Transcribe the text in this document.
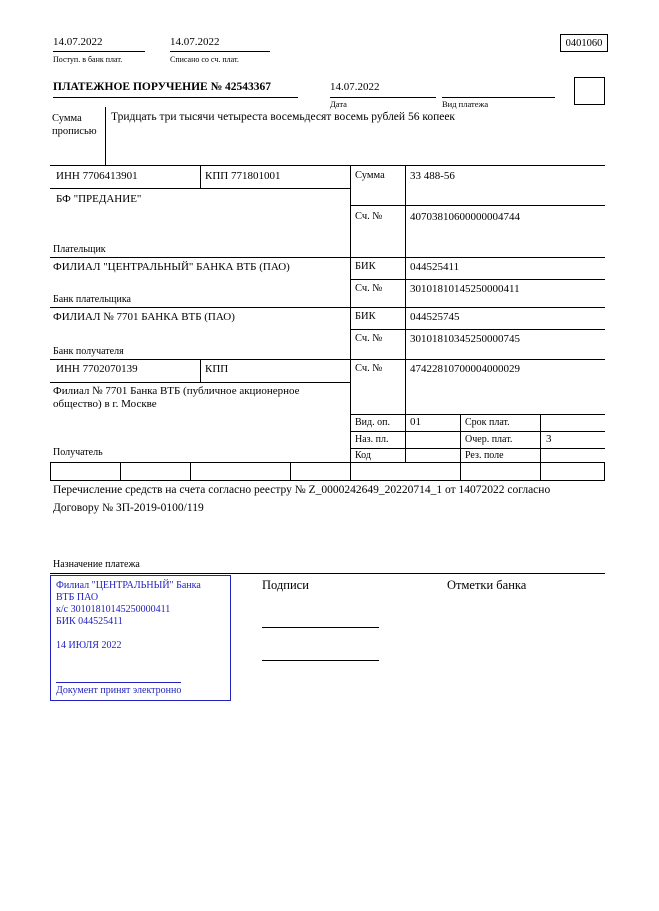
14.07.2022	14.07.2022
Поступ. в банк плат.	Списано со сч. плат.
0401060
ПЛАТЕЖНОЕ ПОРУЧЕНИЕ № 42543367	14.07.2022
Дата	Вид платежа
Сумма
прописью
Тридцать три тысячи четыреста восемьдесят восемь рублей 56 копеек
ИНН 7706413901	КПП 771801001	Сумма 33 488-56
БФ "ПРЕДАНИЕ"
Сч. №	40703810600000004744
Плательщик
ФИЛИАЛ "ЦЕНТРАЛЬНЫЙ" БАНКА ВТБ (ПАО)	БИК	044525411
Сч. №	30101810145250000411
Банк плательщика
ФИЛИАЛ № 7701 БАНКА ВТБ (ПАО)	БИК	044525745
Сч. №	30101810345250000745
Банк получателя
ИНН 7702070139	КПП	Сч. №	47422810700004000029
Филиал № 7701 Банка ВТБ (публичное акционерное общество) в г. Москве
Вид. оп. 01	Срок плат.
Наз. пл.	Очер. плат.	3
Код	Рез. поле
Получатель
Перечисление средств на счета согласно реестру № Z_0000242649_20220714_1 от 14072022 согласно Договору № ЗП-2019-0100/119
Назначение платежа
Подписи	Отметки банка
Филиал "ЦЕНТРАЛЬНЫЙ" Банка
ВТБ ПАО
к/с 30101810145250000411
БИК 044525411
14 ИЮЛЯ 2022
Документ принят электронно
